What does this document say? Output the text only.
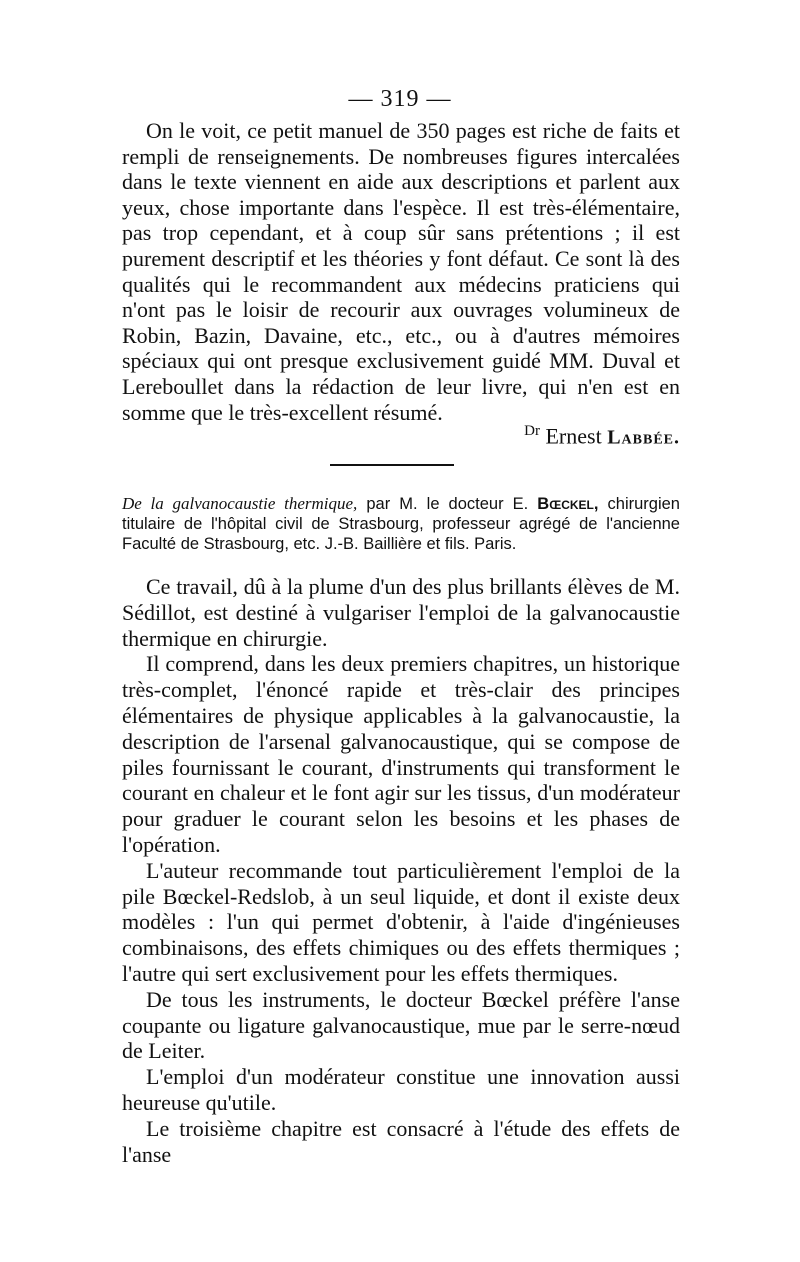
— 319 —

On le voit, ce petit manuel de 350 pages est riche de faits et rempli de renseignements. De nombreuses figures intercalées dans le texte viennent en aide aux descriptions et parlent aux yeux, chose importante dans l'espèce. Il est très-élémentaire, pas trop cependant, et à coup sûr sans prétentions ; il est purement descriptif et les théories y font défaut. Ce sont là des qualités qui le recommandent aux médecins praticiens qui n'ont pas le loisir de recourir aux ouvrages volumineux de Robin, Bazin, Davaine, etc., etc., ou à d'autres mémoires spéciaux qui ont presque exclusivement guidé MM. Duval et Lereboullet dans la rédaction de leur livre, qui n'en est en somme que le très-excellent résumé.

$^{Dr}$ Ernest Labbée.
De la galvanocaustie thermique, par M. le docteur E. Bœckel, chirurgien titulaire de l'hôpital civil de Strasbourg, professeur agrégé de l'ancienne Faculté de Strasbourg, etc. J.-B. Baillière et fils. Paris.

Ce travail, dû à la plume d'un des plus brillants élèves de M. Sédillot, est destiné à vulgariser l'emploi de la galvanocaustie thermique en chirurgie.

Il comprend, dans les deux premiers chapitres, un historique très-complet, l'énoncé rapide et très-clair des principes élémentaires de physique applicables à la galvanocaustie, la description de l'arsenal galvanocaustique, qui se compose de piles fournissant le courant, d'instruments qui transforment le courant en chaleur et le font agir sur les tissus, d'un modérateur pour graduer le courant selon les besoins et les phases de l'opération.

L'auteur recommande tout particulièrement l'emploi de la pile Bœckel-Redslob, à un seul liquide, et dont il existe deux modèles : l'un qui permet d'obtenir, à l'aide d'ingénieuses combinaisons, des effets chimiques ou des effets thermiques ; l'autre qui sert exclusivement pour les effets thermiques.

De tous les instruments, le docteur Bœckel préfère l'anse coupante ou ligature galvanocaustique, mue par le serre-nœud de Leiter.

L'emploi d'un modérateur constitue une innovation aussi heureuse qu'utile.

Le troisième chapitre est consacré à l'étude des effets de l'anse
